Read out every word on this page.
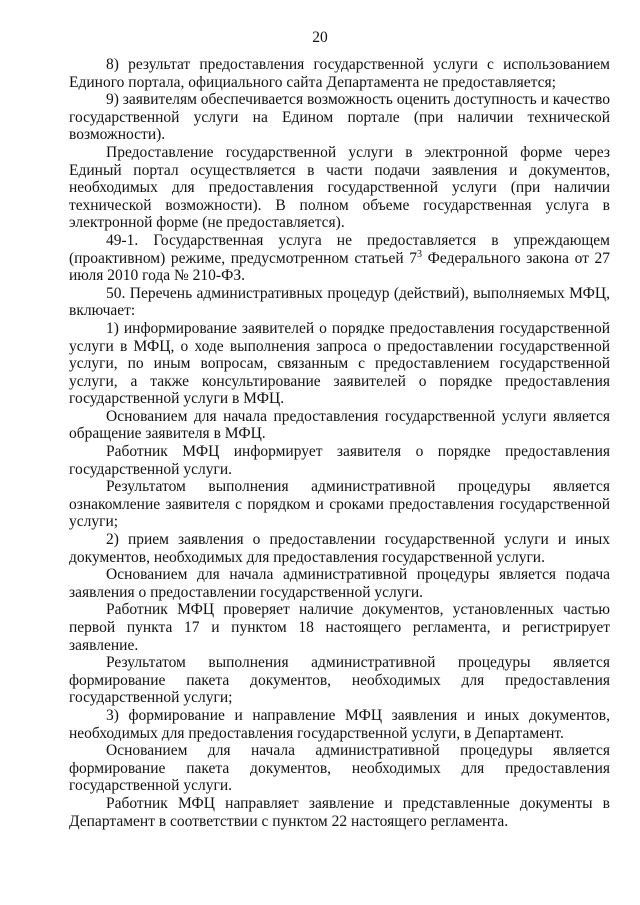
20

8) результат предоставления государственной услуги с использованием Единого портала, официального сайта Департамента не предоставляется;

9) заявителям обеспечивается возможность оценить доступность и качество государственной услуги на Едином портале (при наличии технической возможности).

Предоставление государственной услуги в электронной форме через Единый портал осуществляется в части подачи заявления и документов, необходимых для предоставления государственной услуги (при наличии технической возможности). В полном объеме государственная услуга в электронной форме (не предоставляется).

49-1. Государственная услуга не предоставляется в упреждающем (проактивном) режиме, предусмотренном статьей $7^3$ Федерального закона от 27 июля 2010 года № 210-ФЗ.

50. Перечень административных процедур (действий), выполняемых МФЦ, включает:

1) информирование заявителей о порядке предоставления государственной услуги в МФЦ, о ходе выполнения запроса о предоставлении государственной услуги, по иным вопросам, связанным с предоставлением государственной услуги, а также консультирование заявителей о порядке предоставления государственной услуги в МФЦ.

Основанием для начала предоставления государственной услуги является обращение заявителя в МФЦ.

Работник МФЦ информирует заявителя о порядке предоставления государственной услуги.

Результатом выполнения административной процедуры является ознакомление заявителя с порядком и сроками предоставления государственной услуги;

2) прием заявления о предоставлении государственной услуги и иных документов, необходимых для предоставления государственной услуги.

Основанием для начала административной процедуры является подача заявления о предоставлении государственной услуги.

Работник МФЦ проверяет наличие документов, установленных частью первой пункта 17 и пунктом 18 настоящего регламента, и регистрирует заявление.

Результатом выполнения административной процедуры является формирование пакета документов, необходимых для предоставления государственной услуги;

3) формирование и направление МФЦ заявления и иных документов, необходимых для предоставления государственной услуги, в Департамент.

Основанием для начала административной процедуры является формирование пакета документов, необходимых для предоставления государственной услуги.

Работник МФЦ направляет заявление и представленные документы в Департамент в соответствии с пунктом 22 настоящего регламента.
